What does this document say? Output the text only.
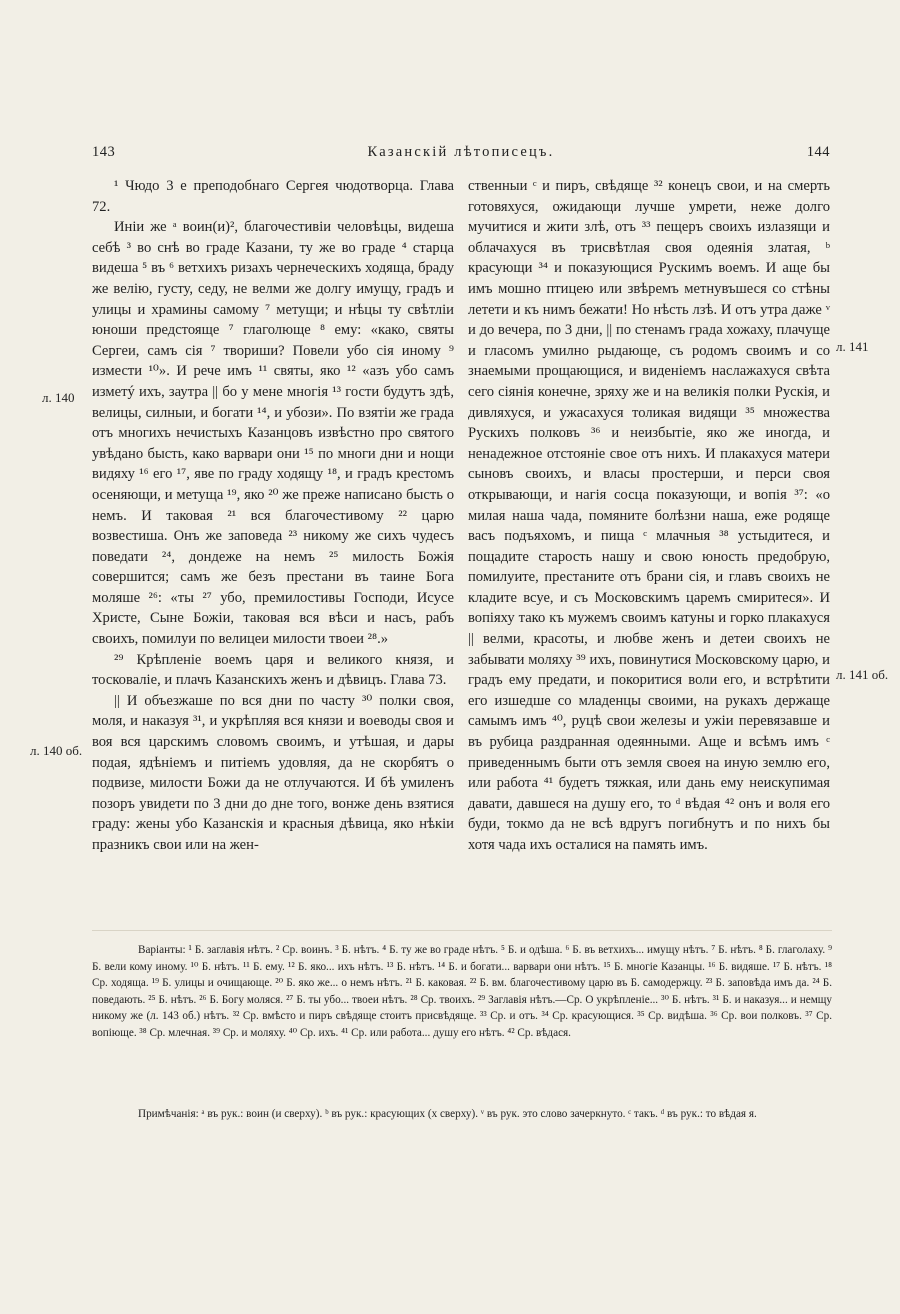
143	Казанскій лѣтописецъ.	144

¹ Чюдо 3 е преподобнаго Сергея чюдотворца. Глава 72.

Иніи же ᵃ воин(и)², благочестивіи человѣцы, видеша себѣ ³ во снѣ во граде Казани, ту же во граде ⁴ старца видеша ⁵ въ ⁶ ветхихъ ризахъ чернеческихъ ходяща, браду же велію, густу, седу, не велми же долгу имущу, градъ и улицы и храмины самому ⁷ метущи; и нѣцы ту свѣтліи юноши предстояще ⁷ глаголюще ⁸ ему: «како, святы Сергеи, самъ сія ⁷ твориши? Повели убо сія иному ⁹ измести ¹⁰». И рече имъ ¹¹ святы, яко ¹² «азъ убо самъ изметý ихъ, заутра || бо у мене многія ¹³ гости будутъ здѣ, велицы, силныи, и богати ¹⁴, и убози». По взятіи же града отъ многихъ нечистыхъ Казанцовъ извѣстно про святого увѣдано бысть, како варвари они ¹⁵ по многи дни и нощи видяху ¹⁶ его ¹⁷, яве по граду ходящу ¹⁸, и градъ крестомъ осеняющи, и метуща ¹⁹, яко ²⁰ же преже написано бысть о немъ. И таковая ²¹ вся благочестивому ²² царю возвестиша. Онъ же заповеда ²³ никому же сихъ чудесъ поведати ²⁴, дондеже на немъ ²⁵ милость Божія совершится; самъ же безъ престани въ таине Бога моляше ²⁶: «ты ²⁷ убо, премилостивы Господи, Исусе Христе, Сыне Божіи, таковая вся вѣси и насъ, рабъ своихъ, помилуи по велицеи милости твоеи ²⁸.»

²⁹ Крѣпленіе воемъ царя и великого князя, и тосковаліе, и плачъ Казанскихъ женъ и дѣвицъ. Глава 73.

|| И объезжаше по вся дни по часту ³⁰ полки своя, моля, и наказуя ³¹, и укрѣпляя вся князи и воеводы своя и воя вся царскимъ словомъ своимъ, и утѣшая, и дары подая, ядѣніемъ и питіемъ удовляя, да не скорбятъ о подвизе, милости Божи да не отлучаются. И бѣ умиленъ позоръ увидети по 3 дни до дне того, вонже день взятися граду: жены убо Казанскія и красныя дѣвица, яко нѣкіи празникъ свои или на жен-

ственныи ᶜ и пиръ, свѣдяще ³² конецъ свои, и на смерть готовяхуся, ожидающи лучше умрети, неже долго мучитися и жити злѣ, отъ ³³ пещеръ своихъ излазящи и облачахуся въ трисвѣтлая своя одеянія златая, ᵇ красующи ³⁴ и показующися Рускимъ воемъ. И аще бы имъ мошно птицею или звѣремъ метнувъшеся со стѣны летети и къ нимъ бежати! Но нѣсть лзѣ. И отъ утра даже ᵛ и до вечера, по 3 дни, || по стенамъ града хожаху, плачуще и гласомъ умилно рыдающе, съ родомъ своимъ и со знаемыми прощающися, и виденіемъ наслажахуся свѣта сего сіянія конечне, зряху же и на великія полки Рускія, и дивляхуся, и ужасахуся толикая видящи ³⁵ множества Рускихъ полковъ ³⁶ и неизбытіе, яко же иногда, и ненадежное отстояніе свое отъ нихъ. И плакахуся матери сыновъ своихъ, и власы простерши, и перси своя открывающи, и нагія сосца показующи, и вопія ³⁷: «о милая наша чада, помяните болѣзни наша, еже родяще васъ подъяхомъ, и пища ᶜ млачныя ³⁸ устыдитеся, и пощадите старость нашу и свою юность предобрую, помилуите, престаните отъ брани сія, и главъ своихъ не кладите всуе, и съ Московскимъ царемъ смиритеся». И вопіяху тако къ мужемъ своимъ катуны и горко плакахуся || велми, красоты, и любве женъ и детеи своихъ не забывати моляху ³⁹ ихъ, повинутися Московскому царю, и градъ ему предати, и покоритися воли его, и встрѣтити его изшедше со младенцы своими, на рукахъ держаще самымъ имъ ⁴⁰, руцѣ свои железы и ужіи перевязавше и въ рубица раздранная одеянными. Аще и всѣмъ имъ ᶜ приведеннымъ быти отъ земля своея на иную землю его, или работа ⁴¹ будетъ тяжкая, или дань ему неискупимая давати, давшеся на душу его, то ᵈ вѣдая ⁴² онъ и воля его буди, токмо да не всѣ вдругъ погибнутъ и по нихъ бы хотя чада ихъ осталися на память имъ.

л. 140
л. 140 об.
л. 141
л. 141 об.

Варіанты: ¹ Б. заглавія нѣтъ. ² Ср. воинъ. ³ Б. нѣтъ. ⁴ Б. ту же во граде нѣтъ. ⁵ Б. и одѣша. ⁶ Б. въ ветхихъ... имущу нѣтъ. ⁷ Б. нѣтъ. ⁸ Б. глаголаху. ⁹ Б. вели кому иному. ¹⁰ Б. нѣтъ. ¹¹ Б. ему. ¹² Б. яко... ихъ нѣтъ. ¹³ Б. нѣтъ. ¹⁴ Б. и богати... варвари они нѣтъ. ¹⁵ Б. многіе Казанцы. ¹⁶ Б. видяше. ¹⁷ Б. нѣтъ. ¹⁸ Ср. ходяща. ¹⁹ Б. улицы и очищающе. ²⁰ Б. яко же... о немъ нѣтъ. ²¹ Б. каковая. ²² Б. вм. благочестивому царю въ Б. самодержцу. ²³ Б. заповѣда имъ да. ²⁴ Б. поведають. ²⁵ Б. нѣтъ. ²⁶ Б. Богу моляся. ²⁷ Б. ты убо... твоеи нѣтъ. ²⁸ Ср. твоихъ. ²⁹ Заглавія нѣтъ.—Ср. О укрѣпленіе... ³⁰ Б. нѣтъ. ³¹ Б. и наказуя... и немщу никому же (л. 143 об.) нѣтъ. ³² Ср. вмѣсто и пиръ свѣдяще стоитъ присвѣдяще. ³³ Ср. и отъ. ³⁴ Ср. красующися. ³⁵ Ср. видѣша. ³⁶ Ср. вои полковъ. ³⁷ Ср. вопіюще. ³⁸ Ср. млечная. ³⁹ Ср. и моляху. ⁴⁰ Ср. ихъ. ⁴¹ Ср. или работа... душу его нѣтъ. ⁴² Ср. вѣдася.

Примѣчанія: ᵃ въ рук.: воин (и сверху). ᵇ въ рук.: красующих (х сверху). ᵛ въ рук. это слово зачеркнуто. ᶜ такъ. ᵈ въ рук.: то вѣдая я.
